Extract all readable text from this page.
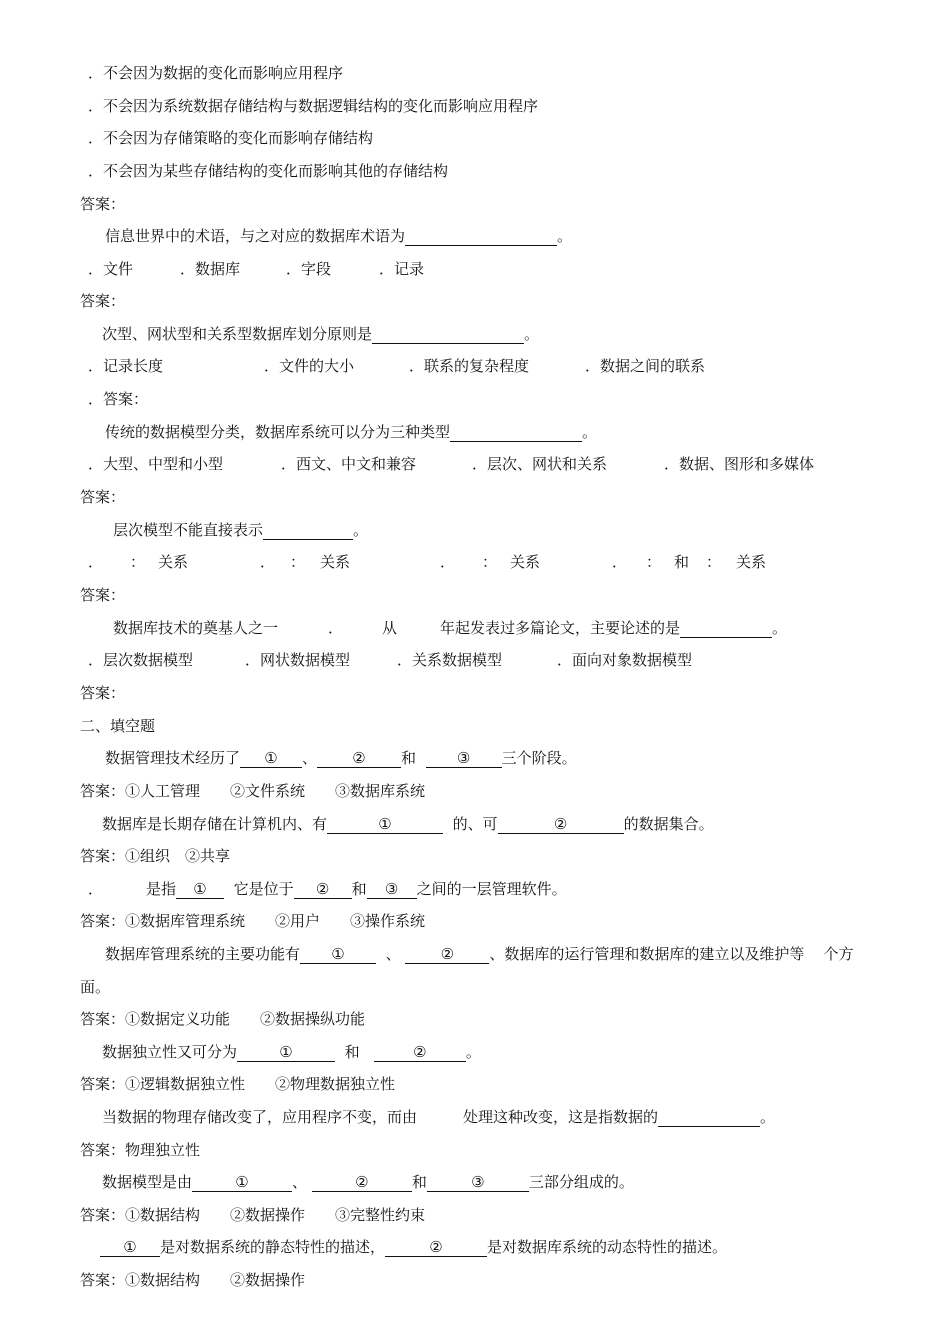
．不会因为数据的变化而影响应用程序
．不会因为系统数据存储结构与数据逻辑结构的变化而影响应用程序
．不会因为存储策略的变化而影响存储结构
．不会因为某些存储结构的变化而影响其他的存储结构
答案：
信息世界中的术语，与之对应的数据库术语为	。
．文件	．数据库	．字段	．记录
答案：
次型、网状型和关系型数据库划分原则是	。
．记录长度	．文件的大小	．联系的复杂程度	．数据之间的联系
．答案：
传统的数据模型分类，数据库系统可以分为三种类型	。
．大型、中型和小型	．西文、中文和兼容	．层次、网状和关系	．数据、图形和多媒体
答案：
层次模型不能直接表示	。
． ： 关系	． ： 关系	． ： 关系	． ： 和 ： 关系
答案：
数据库技术的奠基人之一	．	从	年起发表过多篇论文，主要论述的是	。
．层次数据模型	．网状数据模型	．关系数据模型	．面向对象数据模型
答案：
二、填空题
数据管理技术经历了 ① 、 ② 和	③ 三个阶段。
答案：①人工管理　　②文件系统　　③数据库系统
数据库是长期存储在计算机内、有	①	的、可	②	的数据集合。
答案：①组织　②共享
．	是指 ① 它是位于 ② 和 ③ 之间的一层管理软件。
答案：①数据库管理系统　　②用户　　③操作系统
数据库管理系统的主要功能有 ①	、	② 、数据库的运行管理和数据库的建立以及维护等 个方
面。
答案：①数据定义功能　　②数据操纵功能
数据独立性又可分为	①	和	②	。
答案：①逻辑数据独立性　　②物理数据独立性
当数据的物理存储改变了，应用程序不变，而由	处理这种改变，这是指数据的	。
答案：物理独立性
数据模型是由	①	、	②	和	③	三部分组成的。
答案：①数据结构　　②数据操作　　③完整性约束
① 是对数据系统的静态特性的描述，	②	是对数据库系统的动态特性的描述。
答案：①数据结构　　②数据操作
